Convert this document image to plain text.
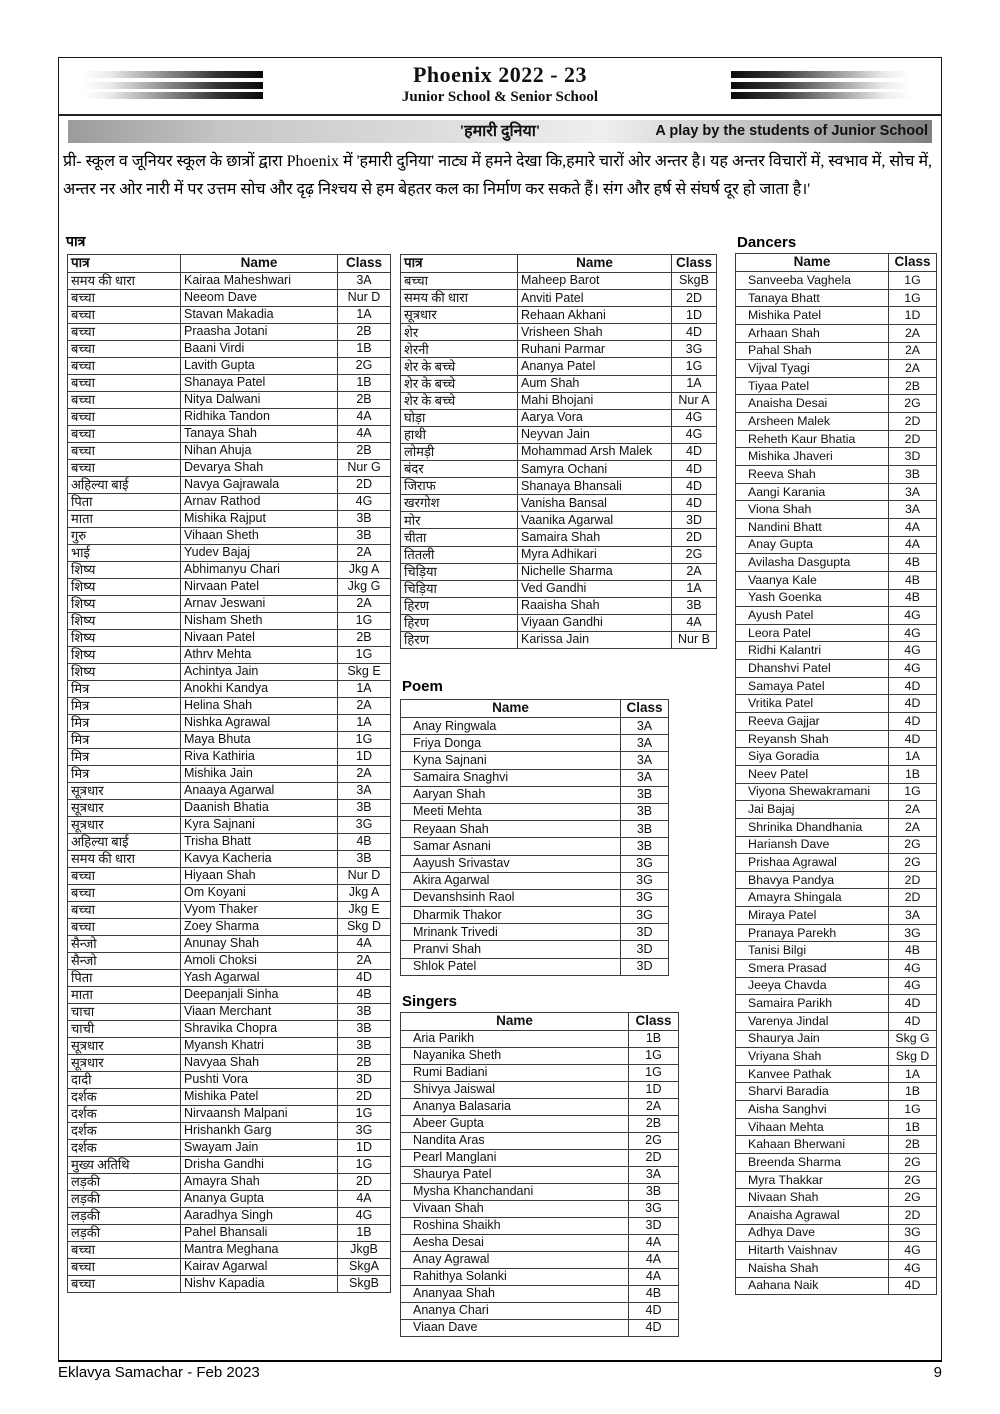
Phoenix 2022 - 23
Junior School & Senior School
'हमारी दुनिया'	A play by the students of Junior School

प्री- स्कूल व जूनियर स्कूल के छात्रों द्वारा Phoenix में 'हमारी दुनिया' नाट्य में हमने देखा कि,हमारे चारों ओर अन्तर है। यह अन्तर विचारों में, स्वभाव में, सोच में, अन्तर नर ओर नारी में पर उत्तम सोच और दृढ़ निश्चय से हम बेहतर कल का निर्माण कर सकते हैं। संग और हर्ष से संघर्ष दूर हो जाता है।'

पात्र
पात्र	Name	Class
समय की धारा	Kairaa Maheshwari	3A
बच्चा	Neeom Dave	Nur D
बच्चा	Stavan Makadia	1A
बच्चा	Praasha Jotani	2B
बच्चा	Baani Virdi	1B
बच्चा	Lavith Gupta	2G
बच्चा	Shanaya Patel	1B
बच्चा	Nitya Dalwani	2B
बच्चा	Ridhika Tandon	4A
बच्चा	Tanaya Shah	4A
बच्चा	Nihan Ahuja	2B
बच्चा	Devarya Shah	Nur G
अहिल्या बाई	Navya Gajrawala	2D
पिता	Arnav Rathod	4G
माता	Mishika Rajput	3B
गुरु	Vihaan Sheth	3B
भाई	Yudev Bajaj	2A
शिष्य	Abhimanyu Chari	Jkg A
शिष्य	Nirvaan Patel	Jkg G
शिष्य	Arnav Jeswani	2A
शिष्य	Nisham Sheth	1G
शिष्य	Nivaan Patel	2B
शिष्य	Athrv Mehta	1G
शिष्य	Achintya Jain	Skg E
मित्र	Anokhi Kandya	1A
मित्र	Helina Shah	2A
मित्र	Nishka Agrawal	1A
मित्र	Maya Bhuta	1G
मित्र	Riva Kathiria	1D
मित्र	Mishika Jain	2A
सूत्रधार	Anaaya Agarwal	3A
सूत्रधार	Daanish Bhatia	3B
सूत्रधार	Kyra Sajnani	3G
अहिल्या बाई	Trisha Bhatt	4B
समय की धारा	Kavya Kacheria	3B
बच्चा	Hiyaan Shah	Nur D
बच्चा	Om Koyani	Jkg A
बच्चा	Vyom Thaker	Jkg E
बच्चा	Zoey Sharma	Skg D
सैन्जो	Anunay Shah	4A
सैन्जो	Amoli Choksi	2A
पिता	Yash Agarwal	4D
माता	Deepanjali Sinha	4B
चाचा	Viaan Merchant	3B
चाची	Shravika Chopra	3B
सूत्रधार	Myansh Khatri	3B
सूत्रधार	Navyaa Shah	2B
दादी	Pushti Vora	3D
दर्शक	Mishika Patel	2D
दर्शक	Nirvaansh Malpani	1G
दर्शक	Hrishankh Garg	3G
दर्शक	Swayam Jain	1D
मुख्य अतिथि	Drisha Gandhi	1G
लड़की	Amayra Shah	2D
लड़की	Ananya Gupta	4A
लड़की	Aaradhya Singh	4G
लड़की	Pahel Bhansali	1B
बच्चा	Mantra Meghana	JkgB
बच्चा	Kairav Agarwal	SkgA
बच्चा	Nishv Kapadia	SkgB
पात्र	Name	Class
बच्चा	Maheep Barot	SkgB
समय की धारा	Anviti Patel	2D
सूत्रधार	Rehaan Akhani	1D
शेर	Vrisheen Shah	4D
शेरनी	Ruhani Parmar	3G
शेर के बच्चे	Ananya Patel	1G
शेर के बच्चे	Aum Shah	1A
शेर के बच्चे	Mahi Bhojani	Nur A
घोड़ा	Aarya Vora	4G
हाथी	Neyvan Jain	4G
लोमड़ी	Mohammad Arsh Malek	4D
बंदर	Samyra Ochani	4D
जिराफ	Shanaya Bhansali	4D
खरगोश	Vanisha Bansal	4D
मोर	Vaanika Agarwal	3D
चीता	Samaira Shah	2D
तितली	Myra Adhikari	2G
चिड़िया	Nichelle Sharma	2A
चिड़िया	Ved Gandhi	1A
हिरण	Raaisha Shah	3B
हिरण	Viyaan Gandhi	4A
हिरण	Karissa Jain	Nur B
Poem
Name	Class
Anay Ringwala	3A
Friya Donga	3A
Kyna Sajnani	3A
Samaira Snaghvi	3A
Aaryan Shah	3B
Meeti Mehta	3B
Reyaan Shah	3B
Samar Asnani	3B
Aayush Srivastav	3G
Akira Agarwal	3G
Devanshsinh Raol	3G
Dharmik Thakor	3G
Mrinank Trivedi	3D
Pranvi Shah	3D
Shlok Patel	3D
Singers
Name	Class
Aria Parikh	1B
Nayanika Sheth	1G
Rumi Badiani	1G
Shivya Jaiswal	1D
Ananya Balasaria	2A
Abeer Gupta	2B
Nandita Aras	2G
Pearl Manglani	2D
Shaurya Patel	3A
Mysha Khanchandani	3B
Vivaan Shah	3G
Roshina Shaikh	3D
Aesha Desai	4A
Anay Agrawal	4A
Rahithya Solanki	4A
Ananyaa Shah	4B
Ananya Chari	4D
Viaan Dave	4D
Dancers
Name	Class
Sanveeba Vaghela	1G
Tanaya Bhatt	1G
Mishika Patel	1D
Arhaan Shah	2A
Pahal Shah	2A
Vijval Tyagi	2A
Tiyaa Patel	2B
Anaisha Desai	2G
Arsheen Malek	2D
Reheth Kaur Bhatia	2D
Mishika Jhaveri	3D
Reeva Shah	3B
Aangi Karania	3A
Viona Shah	3A
Nandini Bhatt	4A
Anay Gupta	4A
Avilasha Dasgupta	4B
Vaanya Kale	4B
Yash Goenka	4B
Ayush Patel	4G
Leora Patel	4G
Ridhi Kalantri	4G
Dhanshvi Patel	4G
Samaya Patel	4D
Vritika Patel	4D
Reeva Gajjar	4D
Reyansh Shah	4D
Siya Goradia	1A
Neev Patel	1B
Viyona Shewakramani	1G
Jai Bajaj	2A
Shrinika Dhandhania	2A
Hariansh Dave	2G
Prishaa Agrawal	2G
Bhavya Pandya	2D
Amayra Shingala	2D
Miraya Patel	3A
Pranaya Parekh	3G
Tanisi Bilgi	4B
Smera Prasad	4G
Jeeya Chavda	4G
Samaira Parikh	4D
Varenya Jindal	4D
Shaurya Jain	Skg G
Vriyana Shah	Skg D
Kanvee Pathak	1A
Sharvi Baradia	1B
Aisha Sanghvi	1G
Vihaan Mehta	1B
Kahaan Bherwani	2B
Breenda Sharma	2G
Myra Thakkar	2G
Nivaan Shah	2G
Anaisha Agrawal	2D
Adhya Dave	3G
Hitarth Vaishnav	4G
Naisha Shah	4G
Aahana Naik	4D
Eklavya Samachar - Feb 2023	9
